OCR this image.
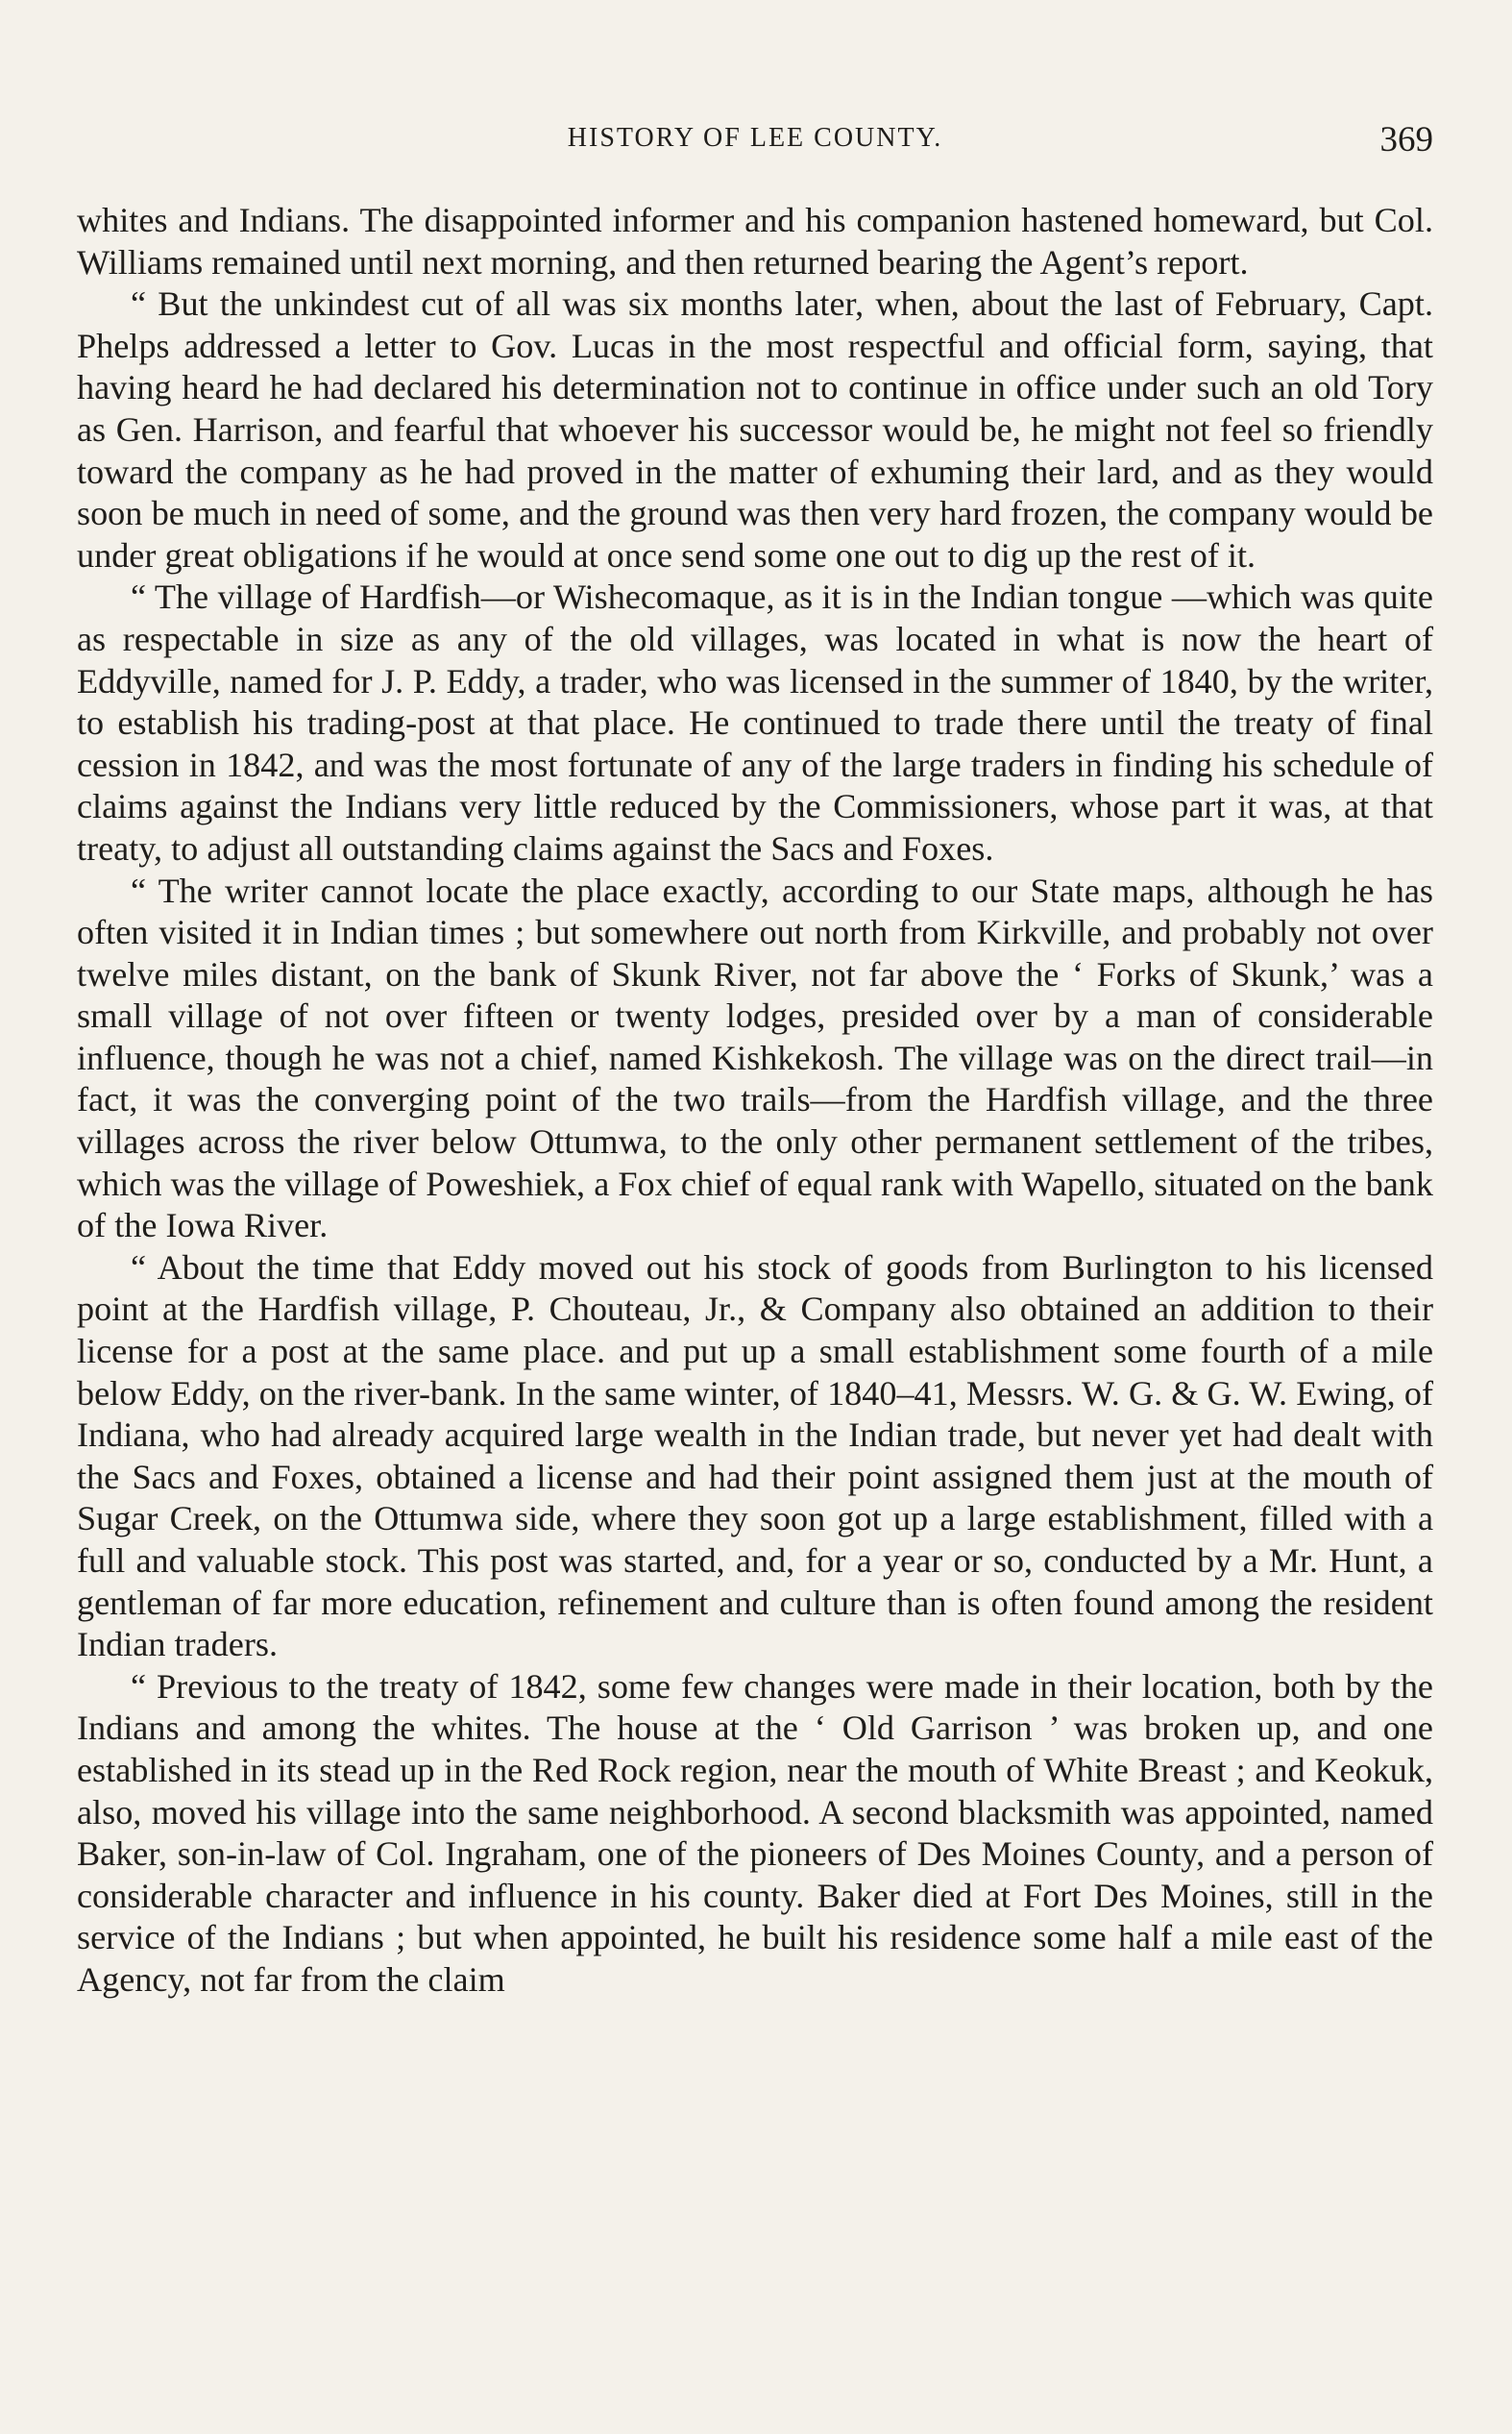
HISTORY OF LEE COUNTY.	369

whites and Indians. The disappointed informer and his companion hastened homeward, but Col. Williams remained until next morning, and then returned bearing the Agent’s report.

“ But the unkindest cut of all was six months later, when, about the last of February, Capt. Phelps addressed a letter to Gov. Lucas in the most respectful and official form, saying, that having heard he had declared his determination not to continue in office under such an old Tory as Gen. Harrison, and fearful that whoever his successor would be, he might not feel so friendly toward the company as he had proved in the matter of exhuming their lard, and as they would soon be much in need of some, and the ground was then very hard frozen, the company would be under great obligations if he would at once send some one out to dig up the rest of it.

“ The village of Hardfish—or Wishecomaque, as it is in the Indian tongue —which was quite as respectable in size as any of the old villages, was located in what is now the heart of Eddyville, named for J. P. Eddy, a trader, who was licensed in the summer of 1840, by the writer, to establish his trading-post at that place. He continued to trade there until the treaty of final cession in 1842, and was the most fortunate of any of the large traders in finding his schedule of claims against the Indians very little reduced by the Commissioners, whose part it was, at that treaty, to adjust all outstanding claims against the Sacs and Foxes.

“ The writer cannot locate the place exactly, according to our State maps, although he has often visited it in Indian times ; but somewhere out north from Kirkville, and probably not over twelve miles distant, on the bank of Skunk River, not far above the ‘ Forks of Skunk,’ was a small village of not over fifteen or twenty lodges, presided over by a man of considerable influence, though he was not a chief, named Kishkekosh. The village was on the direct trail—in fact, it was the converging point of the two trails—from the Hardfish village, and the three villages across the river below Ottumwa, to the only other permanent settlement of the tribes, which was the village of Poweshiek, a Fox chief of equal rank with Wapello, situated on the bank of the Iowa River.

“ About the time that Eddy moved out his stock of goods from Burlington to his licensed point at the Hardfish village, P. Chouteau, Jr., & Company also obtained an addition to their license for a post at the same place. and put up a small establishment some fourth of a mile below Eddy, on the river-bank. In the same winter, of 1840–41, Messrs. W. G. & G. W. Ewing, of Indiana, who had already acquired large wealth in the Indian trade, but never yet had dealt with the Sacs and Foxes, obtained a license and had their point assigned them just at the mouth of Sugar Creek, on the Ottumwa side, where they soon got up a large establishment, filled with a full and valuable stock. This post was started, and, for a year or so, conducted by a Mr. Hunt, a gentleman of far more education, refinement and culture than is often found among the resident Indian traders.

“ Previous to the treaty of 1842, some few changes were made in their location, both by the Indians and among the whites. The house at the ‘ Old Garrison ’ was broken up, and one established in its stead up in the Red Rock region, near the mouth of White Breast ; and Keokuk, also, moved his village into the same neighborhood. A second blacksmith was appointed, named Baker, son-in-law of Col. Ingraham, one of the pioneers of Des Moines County, and a person of considerable character and influence in his county. Baker died at Fort Des Moines, still in the service of the Indians ; but when appointed, he built his residence some half a mile east of the Agency, not far from the claim
